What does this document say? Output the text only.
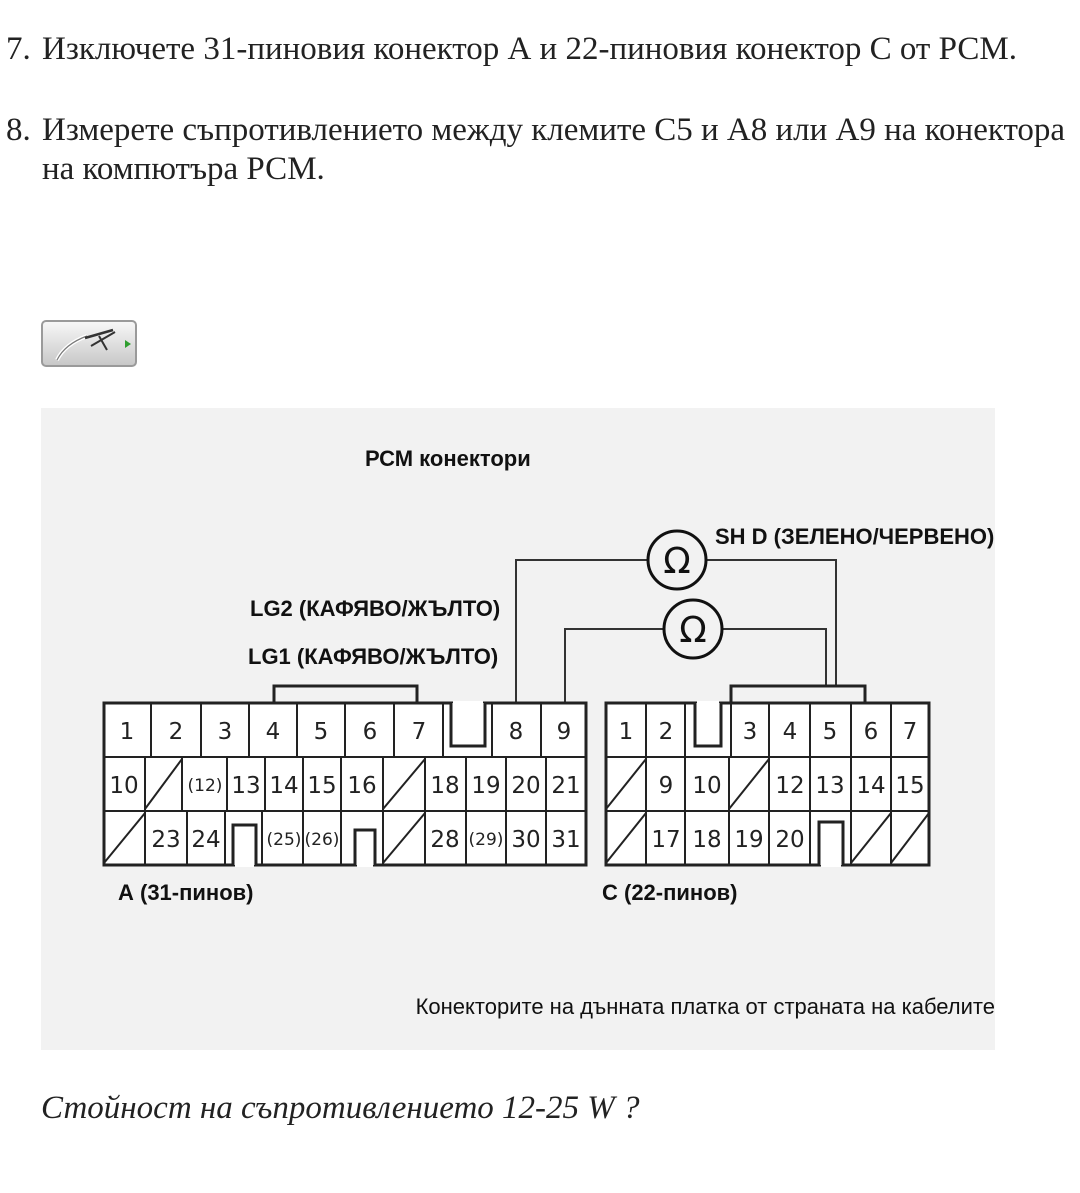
7. Изключете 31-пиновия конектор А и 22-пиновия конектор С от РСМ.
8. Измерете съпротивлението между клемите С5 и А8 или А9 на конектора на компютъра РСМ.
РСМ конектори
SH D (ЗЕЛЕНО/ЧЕРВЕНО)
LG2 (КАФЯВО/ЖЪЛТО)
LG1 (КАФЯВО/ЖЪЛТО)
Ω
Ω
1 2 3 4 5 6 7	8 9
10	(12) 13 14 15 16 18 19 20 21
23 24	(25) (26)	28 (29) 30 31
1 2	3 4 5 6 7
9 10 12 13 14 15
17 18 19 20
А (31-пинов)	С (22-пинов)
Конекторите на дънната платка от страната на кабелите
Стойност на съпротивлението 12-25 W ?
